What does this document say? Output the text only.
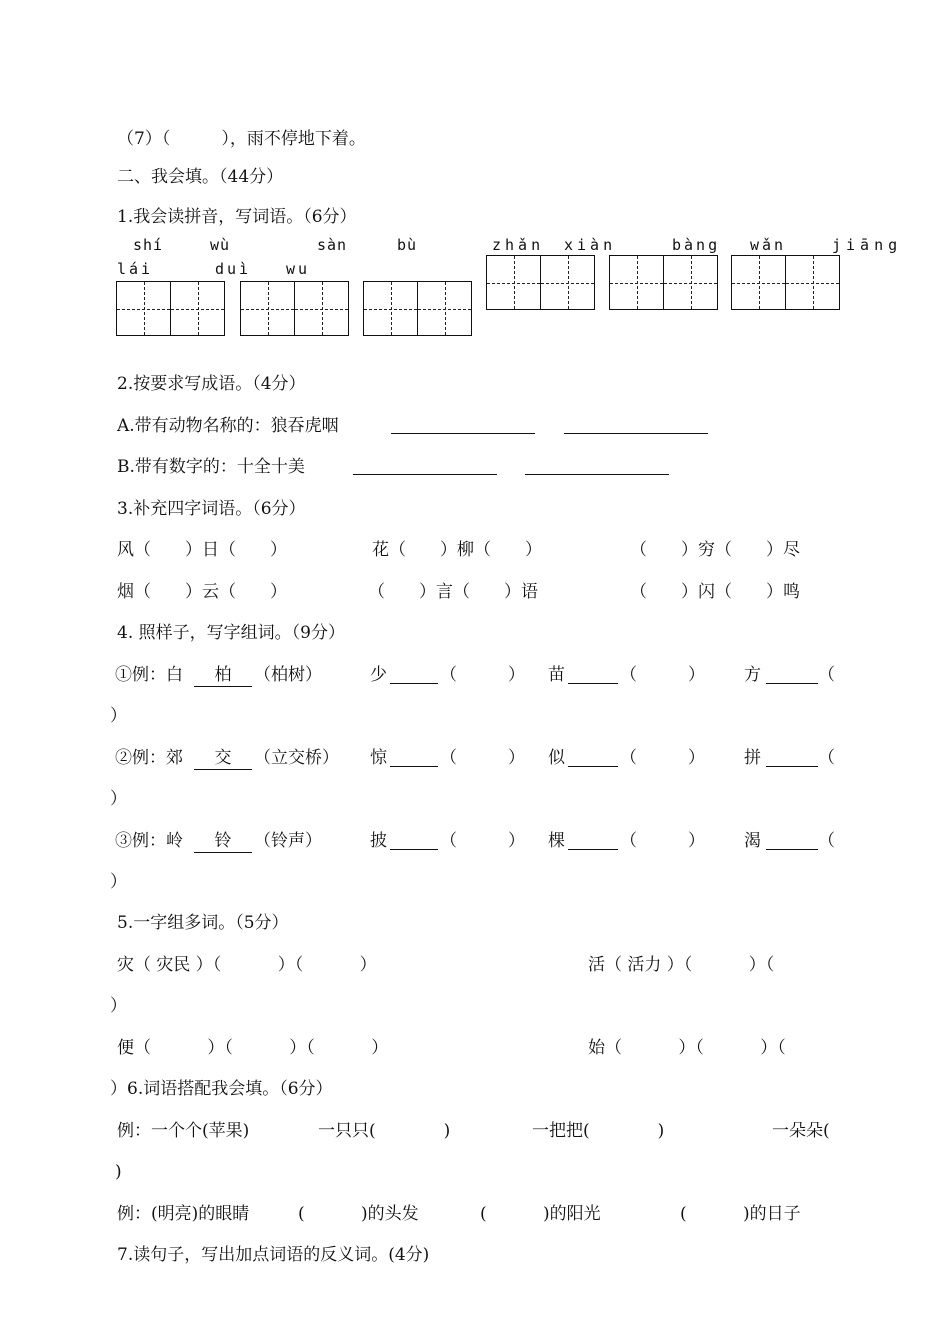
（7）（　　　），雨不停地下着。
二、我会填。（44分）
1.我会读拼音，写词语。（6分）
shí	wù	sàn	bù	zhǎn xiàn	bàng wǎn	jiāng
lái	duì wu
2.按要求写成语。（4分）
A.带有动物名称的：狼吞虎咽
B.带有数字的：十全十美
3.补充四字词语。（6分）
风（　　）日（　　）	花（　　）柳（　　）	（　　）穷（　　）尽
烟（　　）云（　　）	（　　）言（　　）语	（　　）闪（　　）鸣
4. 照样子，写字组词。（9分）
①例：白	柏	（柏树）	少	（　　　） 苗	（　　　） 方	（
）
②例：郊	交	（立交桥） 惊	（　　　） 似	（　　　） 拼	（
）
③例：岭	铃	（铃声）	披	（　　　） 棵	（　　　） 渴	（
）
5.一字组多词。（5分）
灾（ 灾民 ）（　　　 ）（　　　 ）	活（ 活力 ）（　　　 ）（
）
便（　　　 ）（　　　 ）（　　　 ）	始（　　　 ）（　　　 ）（
）6.词语搭配我会填。（6分）
例：一个个(苹果)	一只只(　　　　)	一把把(　　　　)	一朵朵(
)
例：(明亮)的眼睛	(　　　 )的头发	(　　　 )的阳光	(　　　 )的日子
7.读句子，写出加点词语的反义词。(4分)
